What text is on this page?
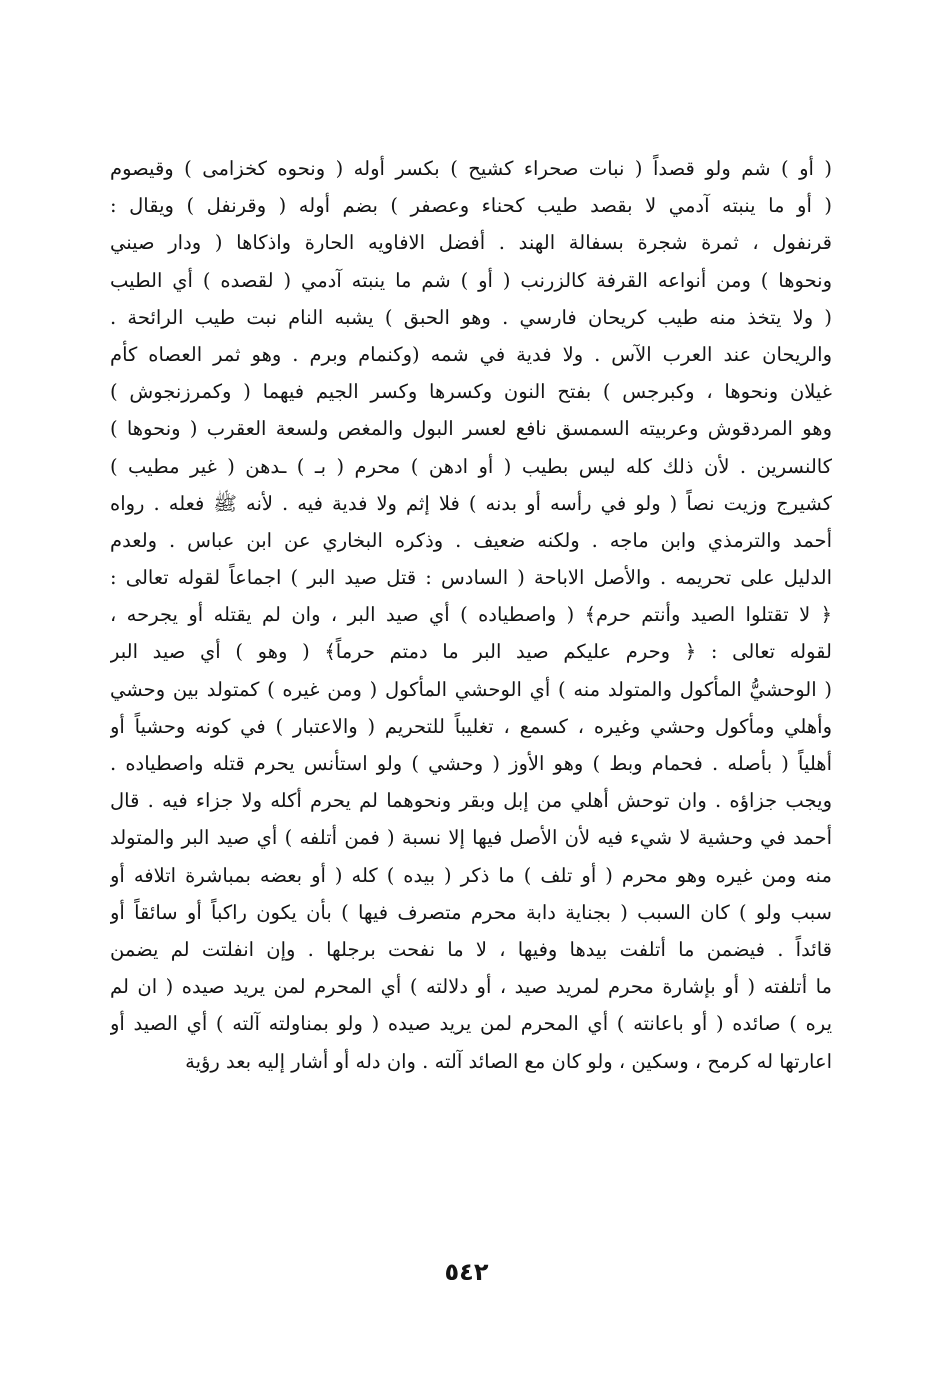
( أو ) شم ولو قصداً ( نبات صحراء كشيح ) بكسر أوله ( ونحوه كخزامى ) وقيصوم
( أو ما ينبته آدمي لا بقصد طيب كحناء وعصفر ) بضم أوله ( وقرنفل ) ويقال :
قرنفول ، ثمرة شجرة بسفالة الهند . أفضل الافاويه الحارة واذكاها ( ودار صيني
ونحوها ) ومن أنواعه القرفة كالزرنب ( أو ) شم ما ينبته آدمي ( لقصده ) أي الطيب
( ولا يتخذ منه طيب كريحان فارسي . وهو الحبق ) يشبه النام نبت طيب الرائحة .
والريحان عند العرب الآس . ولا فدية في شمه (وكنمام وبرم . وهو ثمر العصاه كأم
غيلان ونحوها ، وكبرجس ) بفتح النون وكسرها وكسر الجيم فيهما ( وكمرزنجوش )
وهو المردقوش وعربيته السمسق نافع لعسر البول والمغص ولسعة العقرب ( ونحوها )
كالنسرين . لأن ذلك كله ليس بطيب ( أو ادهن ) محرم ( بـ ) ـدهن ( غير مطيب )
كشيرج وزيت نصاً ( ولو في رأسه أو بدنه ) فلا إثم ولا فدية فيه . لأنه ﷺ فعله . رواه
أحمد والترمذي وابن ماجه . ولكنه ضعيف . وذكره البخاري عن ابن عباس . ولعدم
الدليل على تحريمه . والأصل الاباحة ( السادس : قتل صيد البر ) اجماعاً لقوله تعالى :
﴿ لا تقتلوا الصيد وأنتم حرم﴾ ( واصطياده ) أي صيد البر ، وان لم يقتله أو يجرحه ،
لقوله تعالى : ﴿ وحرم عليكم صيد البر ما دمتم حرماً﴾ ( وهو ) أي صيد البر
( الوحشيُّ المأكول والمتولد منه ) أي الوحشي المأكول ( ومن غيره ) كمتولد بين وحشي
وأهلي ومأكول وحشي وغيره ، كسمع ، تغليباً للتحريم ( والاعتبار ) في كونه وحشياً أو
أهلياً ( بأصله . فحمام وبط ) وهو الأوز ( وحشي ) ولو استأنس يحرم قتله واصطياده .
ويجب جزاؤه . وان توحش أهلي من إبل وبقر ونحوهما لم يحرم أكله ولا جزاء فيه . قال
أحمد في وحشية لا شيء فيه لأن الأصل فيها إلا نسبة ( فمن أتلفه ) أي صيد البر والمتولد
منه ومن غيره وهو محرم ( أو تلف ) ما ذكر ( بيده ) كله ( أو بعضه بمباشرة اتلافه أو
سبب ولو ) كان السبب ( بجناية دابة محرم متصرف فيها ) بأن يكون راكباً أو سائقاً أو
قائداً . فيضمن ما أتلفت بيدها وفيها ، لا ما نفحت برجلها . وإن انفلتت لم يضمن
ما أتلفته ( أو بإشارة محرم لمريد صيد ، أو دلالته ) أي المحرم لمن يريد صيده ( ان لم
يره ) صائده ( أو باعانته ) أي المحرم لمن يريد صيده ( ولو بمناولته آلته ) أي الصيد أو
اعارتها له كرمح ، وسكين ، ولو كان مع الصائد آلته . وان دله أو أشار إليه بعد رؤية
٥٤٢
